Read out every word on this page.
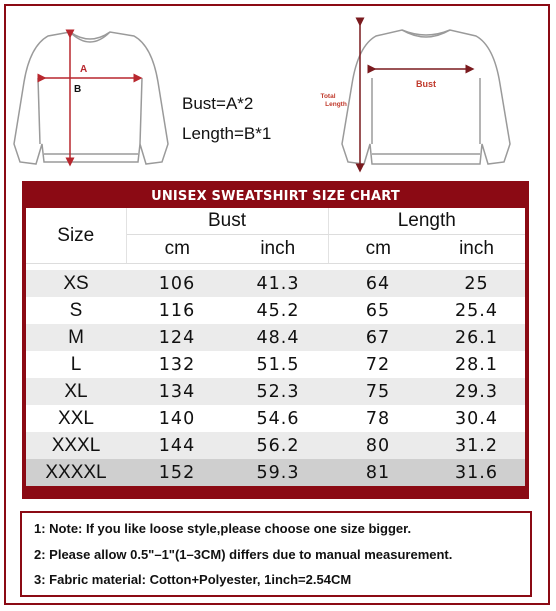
A
B
Total
Length
Bust
Bust=A*2
Length=B*1
UNISEX SWEATSHIRT SIZE CHART
Size	Bust		Length	
	cm	inch	cm	inch

XS	106	41.3	64	25
S	116	45.2	65	25.4
M	124	48.4	67	26.1
L	132	51.5	72	28.1
XL	134	52.3	75	29.3
XXL	140	54.6	78	30.4
XXXL	144	56.2	80	31.2
XXXXL	152	59.3	81	31.6
1: Note: If you like loose style,please choose one size bigger.
2: Please allow 0.5"–1"(1–3CM) differs due to manual measurement.
3: Fabric material: Cotton+Polyester, 1inch=2.54CM
